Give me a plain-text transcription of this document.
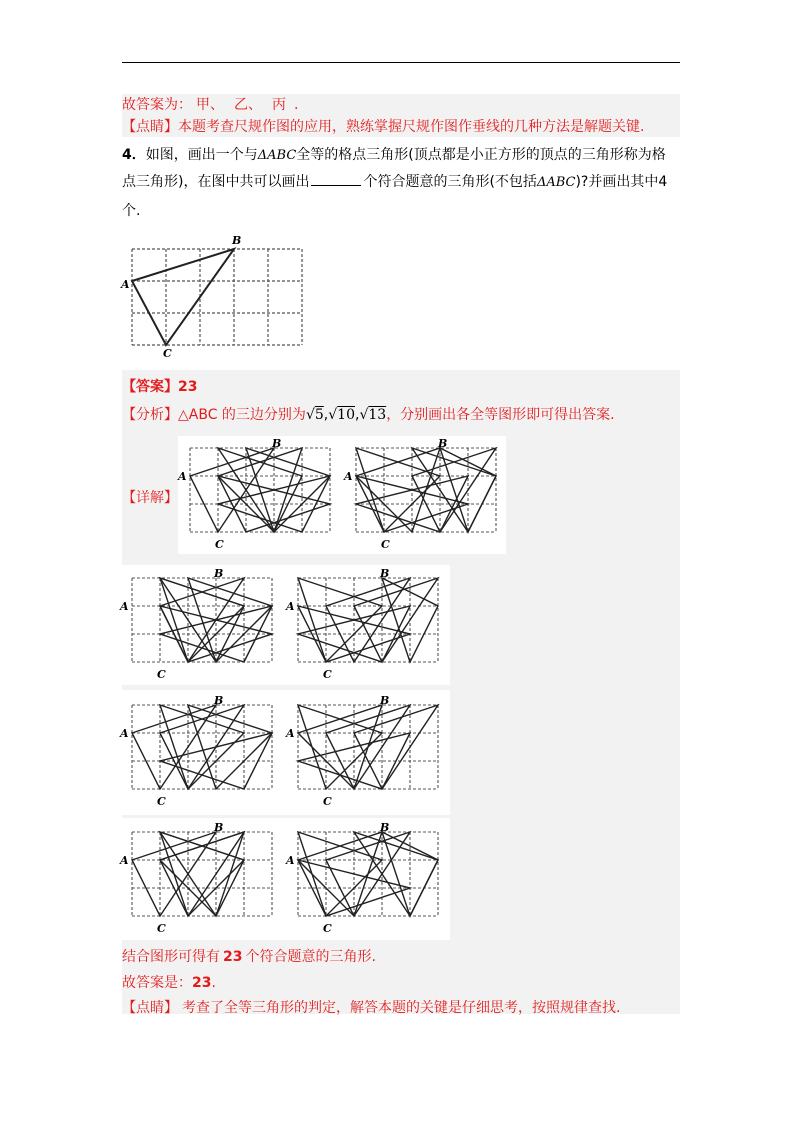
故答案为： 甲、 乙、 丙 .
【点睛】本题考查尺规作图的应用，熟练掌握尺规作图作垂线的几种方法是解题关键.
4．如图，画出一个与ΔABC全等的格点三角形(顶点都是小正方形的顶点的三角形称为格
点三角形)，在图中共可以画出	个符合题意的三角形(不包括ΔABC)?并画出其中4
个.
A
B
C
【答案】23
【分析】△ABC 的三边分别为√5,√10,√13，分别画出各全等图形即可得出答案.
【详解】
A
B
C
A
B
C
A
B
C
A
B
C
A
B
C
A
B
C
A
B
C
A
B
C
结合图形可得有 23 个符合题意的三角形.
故答案是：23.
【点睛】 考查了全等三角形的判定，解答本题的关键是仔细思考，按照规律查找.
